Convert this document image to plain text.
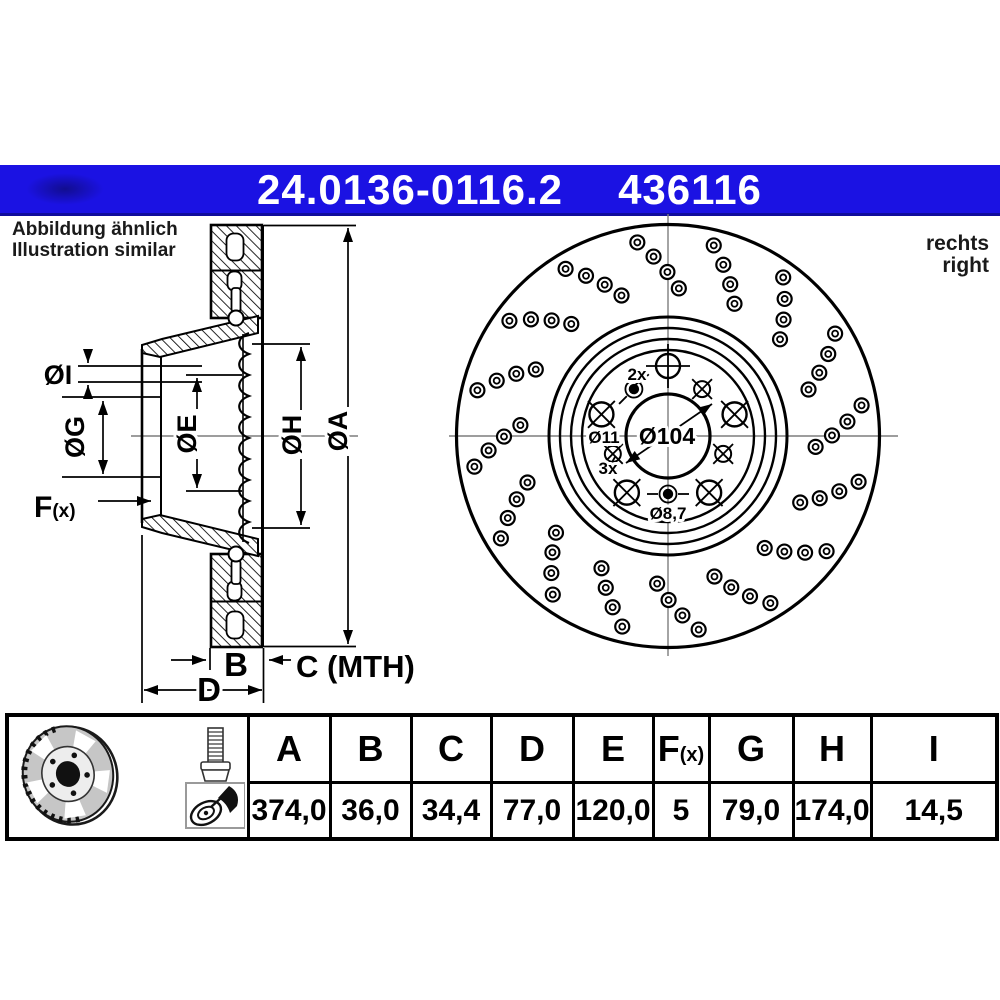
24.0136-0116.2 436116
Abbildung ähnlich
Illustration similar	rechts
right
ØI
ØG
F(x)
ØE	ØH ØA
B C (MTH)
D
2x
Ø11
3x
Ø104
Ø8,7
	A	B	C	D	E	F(x)	G	H	I
	374,0	36,0	34,4	77,0	120,0	5	79,0	174,0	14,5
